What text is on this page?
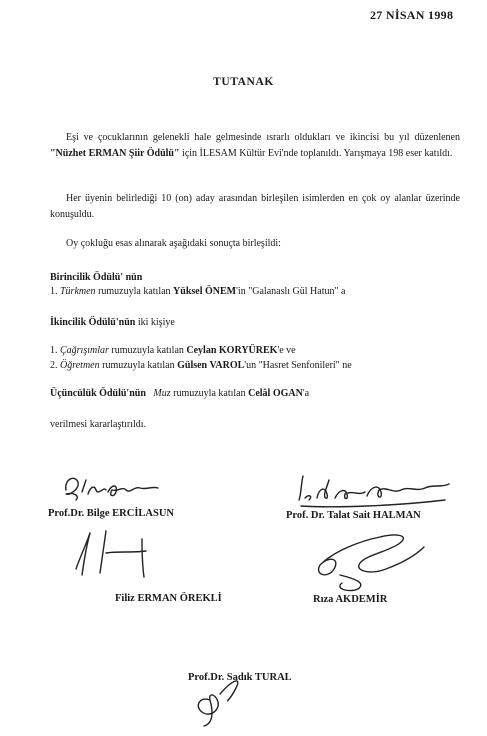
27 NİSAN 1998
TUTANAK
Eşi ve çocuklarının gelenekli hale gelmesinde ısrarlı oldukları ve ikincisi bu yıl düzenlenen "Nüzhet ERMAN Şiir Ödülü" için İLESAM Kültür Evi'nde toplanıldı. Yarışmaya 198 eser katıldı.
Her üyenin belirlediği 10 (on) aday arasından birleşilen isimlerden en çok oy alanlar üzerinde konuşuldu.
Oy çokluğu esas alınarak aşağıdaki sonuçta birleşildi:
Birincilik Ödülü' nün
1. Türkmen rumuzuyla katılan Yüksel ÖNEM'in "Galanaslı Gül Hatun" a
İkincilik Ödülü'nün iki kişiye
1. Çağrışımlar rumuzuyla katılan Ceylan KORYÜREK'e ve
2. Öğretmen rumuzuyla katılan Gülsen VAROL'un "Hasret Senfonileri" ne
Üçüncülük Ödülü'nün Muz rumuzuyla katılan Celâl OGAN'a
verilmesi kararlaştırıldı.
Prof.Dr. Bilge ERCİLASUN	Prof. Dr. Talat Sait HALMAN
Filiz ERMAN ÖREKLİ	Rıza AKDEMİR
Prof.Dr. Sadık TURAL
